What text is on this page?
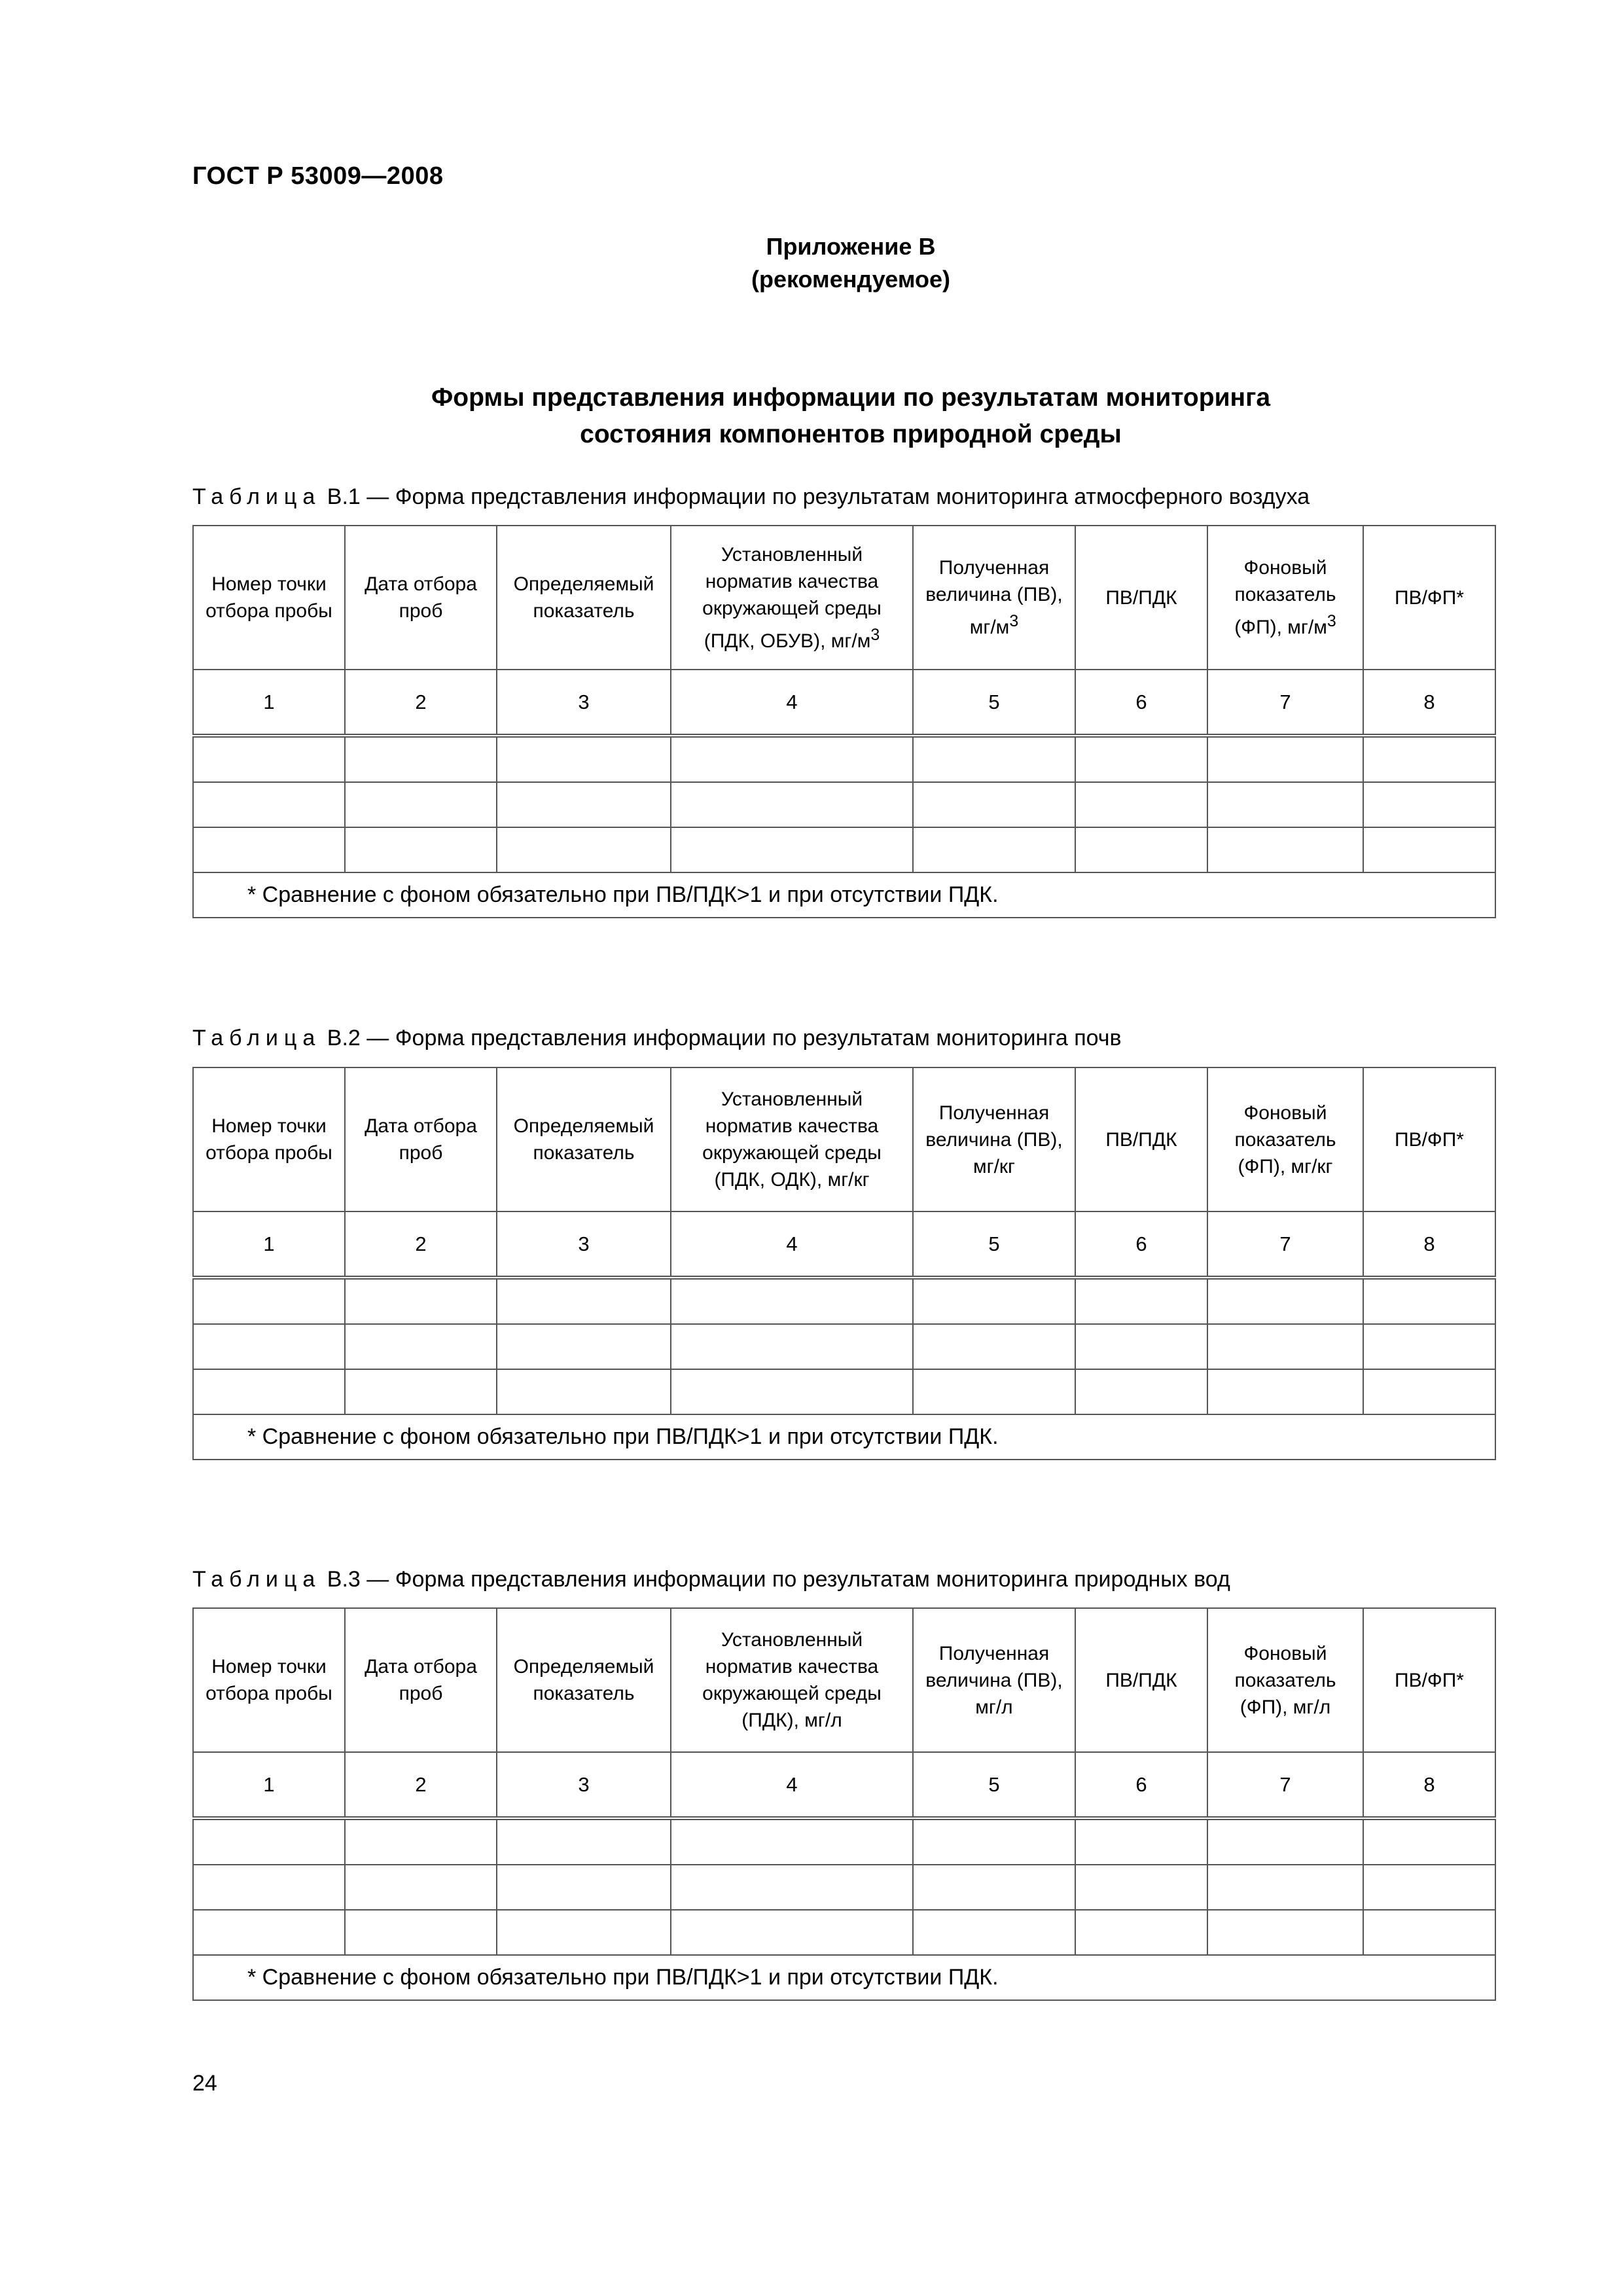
ГОСТ Р 53009—2008
Приложение В
(рекомендуемое)
Формы представления информации по результатам мониторинга
состояния компонентов природной среды
Таблица В.1 — Форма представления информации по результатам мониторинга атмосферного воздуха
Номер точки отбора пробы	Дата отбора проб	Определяемый показатель	Установленный норматив качества окружающей среды (ПДК, ОБУВ), $мг/м^3$	Полученная величина (ПВ), $мг/м^3$	ПВ/ПДК	Фоновый показатель (ФП), $мг/м^3$	ПВ/ФП*
1	2	3	4	5	6	7	8

* Сравнение с фоном обязательно при ПВ/ПДК>1 и при отсутствии ПДК.							
Таблица В.2 — Форма представления информации по результатам мониторинга почв
Номер точки отбора пробы	Дата отбора проб	Определяемый показатель	Установленный норматив качества окружающей среды (ПДК, ОДК), мг/кг	Полученная величина (ПВ), мг/кг	ПВ/ПДК	Фоновый показатель (ФП), мг/кг	ПВ/ФП*
1	2	3	4	5	6	7	8

* Сравнение с фоном обязательно при ПВ/ПДК>1 и при отсутствии ПДК.							
Таблица В.3 — Форма представления информации по результатам мониторинга природных вод
Номер точки отбора пробы	Дата отбора проб	Определяемый показатель	Установленный норматив качества окружающей среды (ПДК), мг/л	Полученная величина (ПВ), мг/л	ПВ/ПДК	Фоновый показатель (ФП), мг/л	ПВ/ФП*
1	2	3	4	5	6	7	8

* Сравнение с фоном обязательно при ПВ/ПДК>1 и при отсутствии ПДК.							
24
